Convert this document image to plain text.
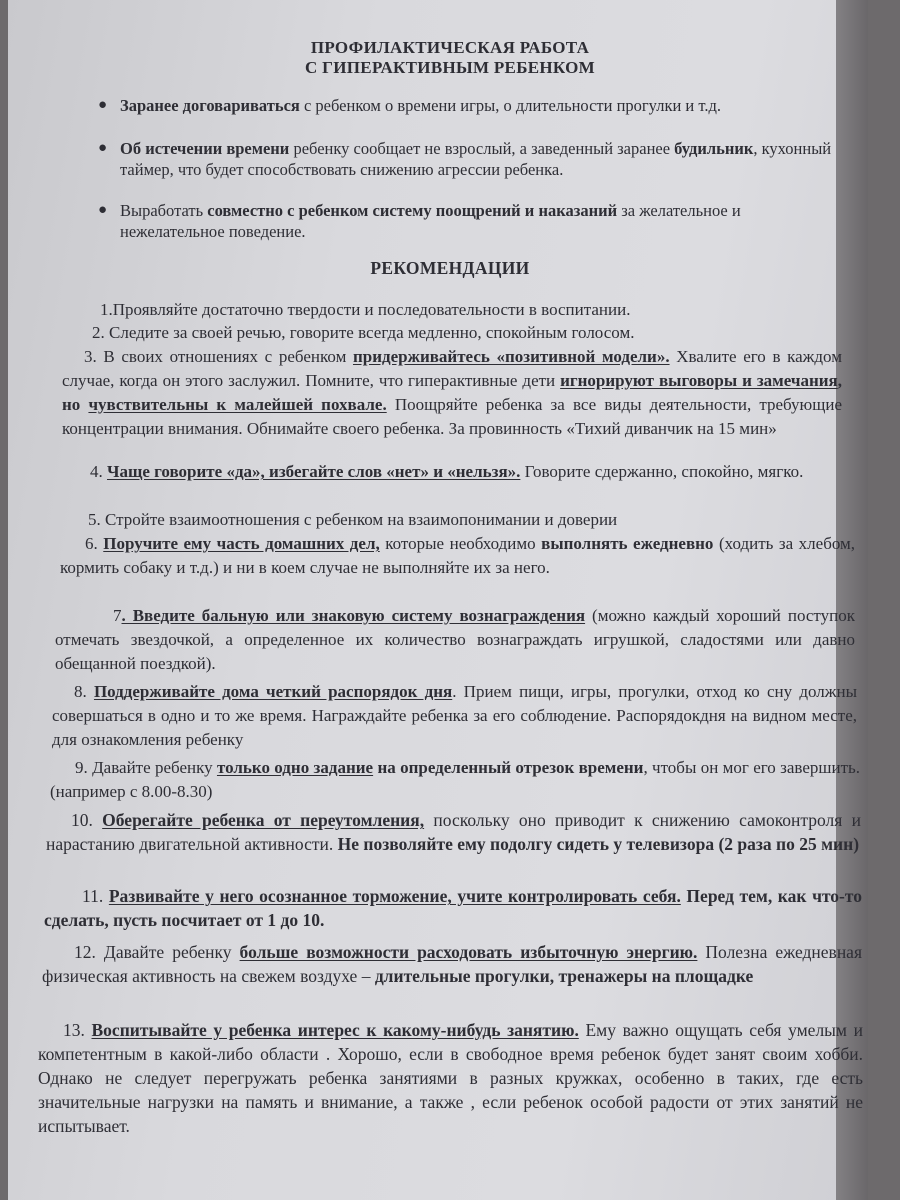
ПРОФИЛАКТИЧЕСКАЯ РАБОТА

С ГИПЕРАКТИВНЫМ РЕБЕНКОМ

● Заранее договариваться с ребенком о времени игры, о длительности прогулки и т.д.
● Об истечении времени ребенку сообщает не взрослый, а заведенный заранее будильник, кухонный таймер, что будет способствовать снижению агрессии ребенка.
● Выработать совместно с ребенком систему поощрений и наказаний за желательное и нежелательное поведение.

РЕКОМЕНДАЦИИ

1.Проявляйте достаточно твердости и последовательности в воспитании.
2. Следите за своей речью, говорите всегда медленно, спокойным голосом.
3. В своих отношениях с ребенком придерживайтесь «позитивной модели». Хвалите его в каждом случае, когда он этого заслужил. Помните, что гиперактивные дети игнорируют выговоры и замечания, но чувствительны к малейшей похвале. Поощряйте ребенка за все виды деятельности, требующие концентрации внимания. Обнимайте своего ребенка. За провинность «Тихий диванчик на 15 мин»
4. Чаще говорите «да», избегайте слов «нет» и «нельзя». Говорите сдержанно, спокойно, мягко.
5. Стройте взаимоотношения с ребенком на взаимопонимании и доверии
6. Поручите ему часть домашних дел, которые необходимо выполнять ежедневно (ходить за хлебом, кормить собаку и т.д.) и ни в коем случае не выполняйте их за него.
7. Введите бальную или знаковую систему вознаграждения (можно каждый хороший поступок отмечать звездочкой, а определенное их количество вознаграждать игрушкой, сладостями или давно обещанной поездкой).
8. Поддерживайте дома четкий распорядок дня. Прием пищи, игры, прогулки, отход ко сну должны совершаться в одно и то же время. Награждайте ребенка за его соблюдение. Распорядокдня на видном месте, для ознакомления ребенку
9. Давайте ребенку только одно задание на определенный отрезок времени, чтобы он мог его завершить.(например с 8.00-8.30)
10. Оберегайте ребенка от переутомления, поскольку оно приводит к снижению самоконтроля и нарастанию двигательной активности. Не позволяйте ему подолгу сидеть у телевизора (2 раза по 25 мин)
11. Развивайте у него осознанное торможение, учите контролировать себя. Перед тем, как что-то сделать, пусть посчитает от 1 до 10.
12. Давайте ребенку больше возможности расходовать избыточную энергию. Полезна ежедневная физическая активность на свежем воздухе – длительные прогулки, тренажеры на площадке
13. Воспитывайте у ребенка интерес к какому-нибудь занятию. Ему важно ощущать себя умелым и компетентным в какой-либо области . Хорошо, если в свободное время ребенок будет занят своим хобби. Однако не следует перегружать ребенка занятиями в разных кружках, особенно в таких, где есть значительные нагрузки на память и внимание, а также , если ребенок особой радости от этих занятий не испытывает.
